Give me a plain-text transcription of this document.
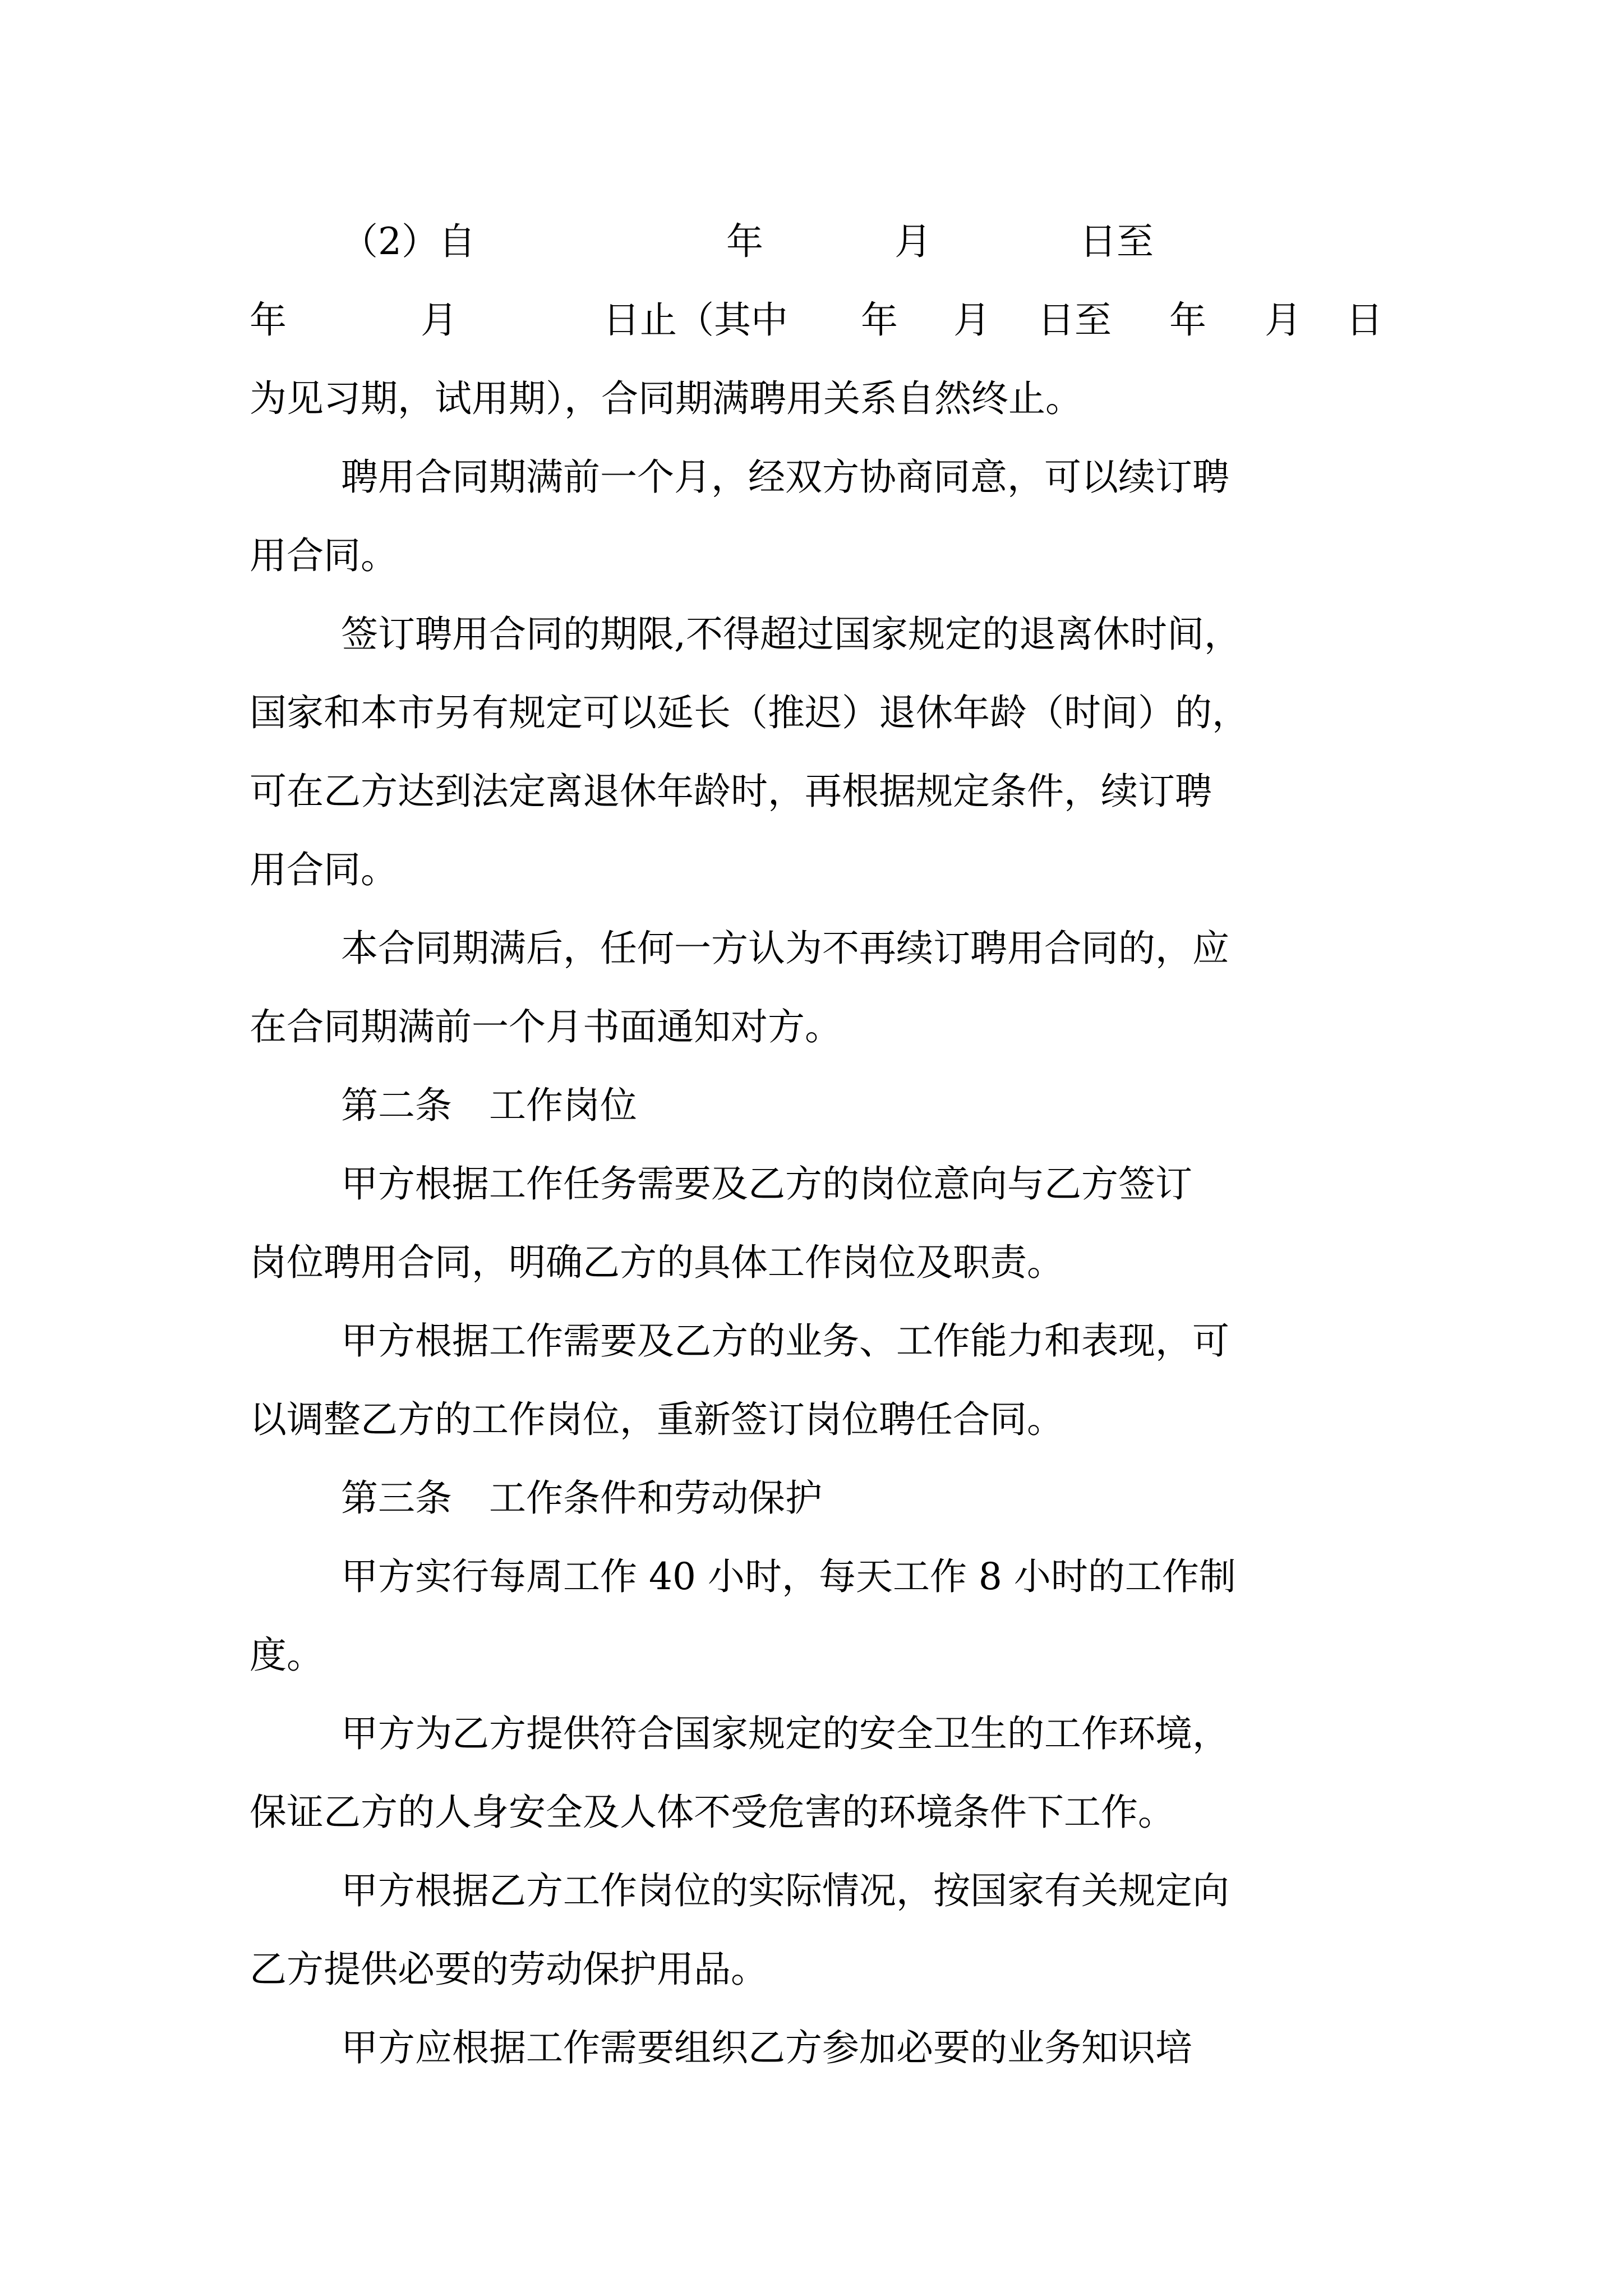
（2）自

	年

	月

	日至

年

	月

	日止（其中

年

月

日至

年

月

日

为见习期，试用期），合同期满聘用关系自然终止。
聘用合同期满前一个月，经双方协商同意，可以续订聘
用合同。
签订聘用合同的期限,不得超过国家规定的退离休时间，
国家和本市另有规定可以延长（推迟）退休年龄（时间）的，
可在乙方达到法定离退休年龄时，再根据规定条件，续订聘
用合同。
本合同期满后，任何一方认为不再续订聘用合同的，应
在合同期满前一个月书面通知对方。
第二条　工作岗位
甲方根据工作任务需要及乙方的岗位意向与乙方签订
岗位聘用合同，明确乙方的具体工作岗位及职责。
甲方根据工作需要及乙方的业务、工作能力和表现，可
以调整乙方的工作岗位，重新签订岗位聘任合同。
第三条　工作条件和劳动保护
甲方实行每周工作 40 小时，每天工作 8 小时的工作制
度。
甲方为乙方提供符合国家规定的安全卫生的工作环境，
保证乙方的人身安全及人体不受危害的环境条件下工作。
甲方根据乙方工作岗位的实际情况，按国家有关规定向
乙方提供必要的劳动保护用品。
甲方应根据工作需要组织乙方参加必要的业务知识培
